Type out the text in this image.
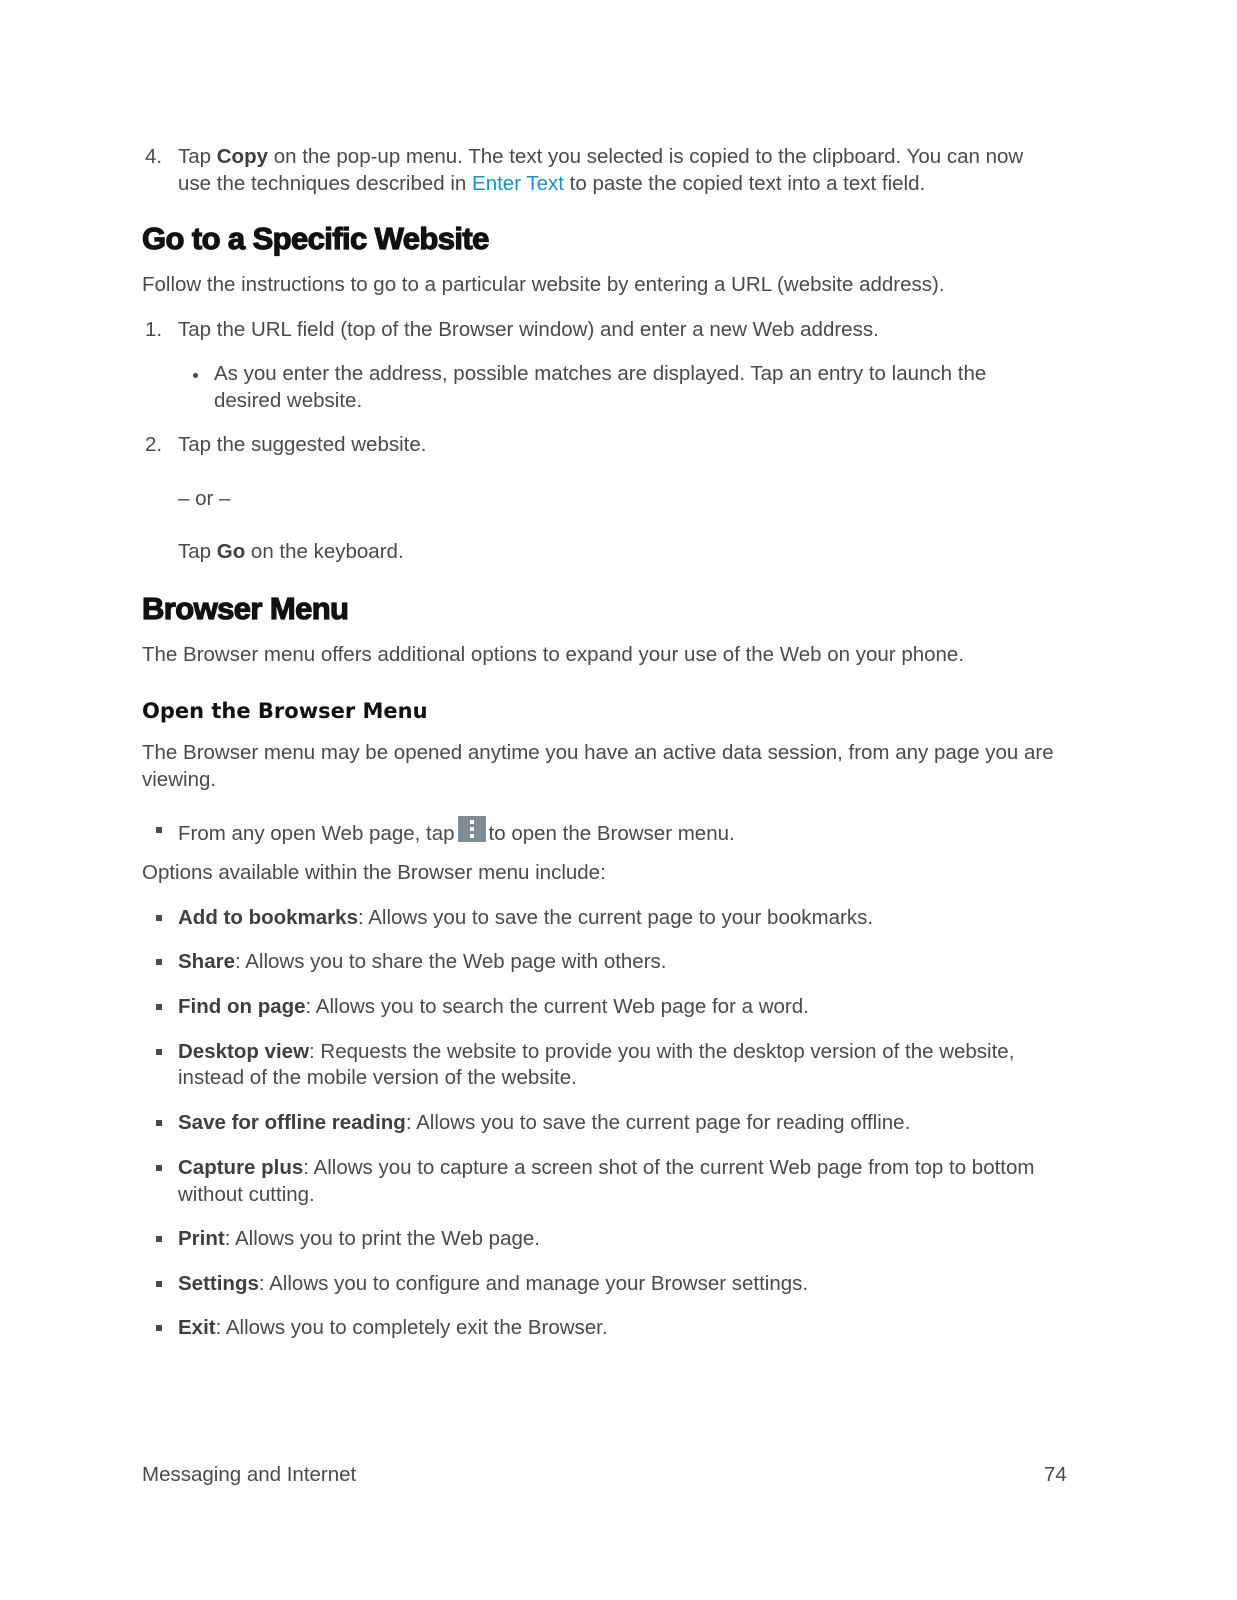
4. Tap Copy on the pop-up menu. The text you selected is copied to the clipboard. You can now
use the techniques described in Enter Text to paste the copied text into a text field.
Go to a Specific Website
Follow the instructions to go to a particular website by entering a URL (website address).
1. Tap the URL field (top of the Browser window) and enter a new Web address.
As you enter the address, possible matches are displayed. Tap an entry to launch the
desired website.
2. Tap the suggested website.
– or –
Tap Go on the keyboard.
Browser Menu
The Browser menu offers additional options to expand your use of the Web on your phone.
Open the Browser Menu
The Browser menu may be opened anytime you have an active data session, from any page you are
viewing.
From any open Web page, tap to open the Browser menu.
Options available within the Browser menu include:
Add to bookmarks: Allows you to save the current page to your bookmarks.
Share: Allows you to share the Web page with others.
Find on page: Allows you to search the current Web page for a word.
Desktop view: Requests the website to provide you with the desktop version of the website,
instead of the mobile version of the website.
Save for offline reading: Allows you to save the current page for reading offline.
Capture plus: Allows you to capture a screen shot of the current Web page from top to bottom
without cutting.
Print: Allows you to print the Web page.
Settings: Allows you to configure and manage your Browser settings.
Exit: Allows you to completely exit the Browser.
Messaging and Internet	74
